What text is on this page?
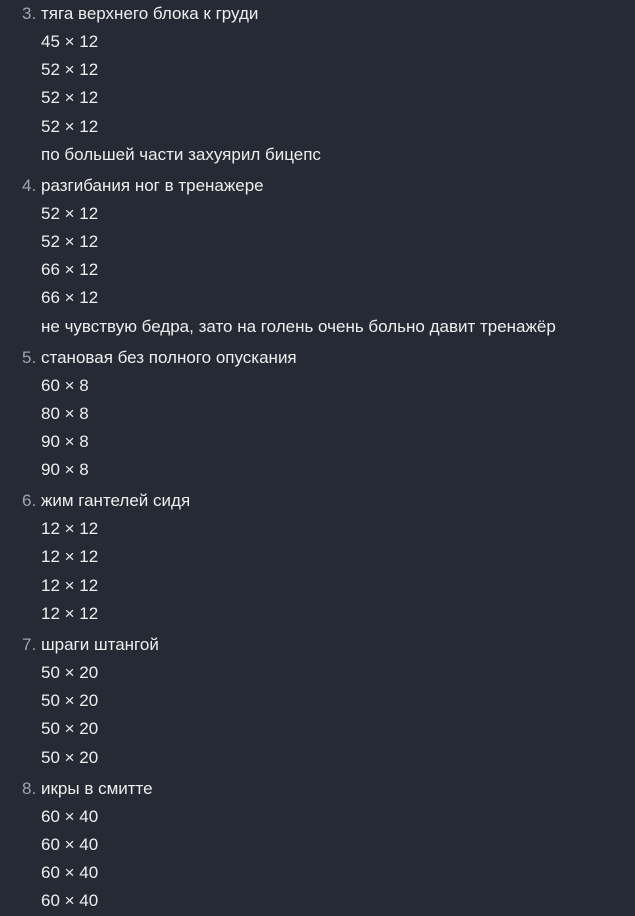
3. тяга верхнего блока к груди
45 × 12
52 × 12
52 × 12
52 × 12
по большей части захуярил бицепс
4. разгибания ног в тренажере
52 × 12
52 × 12
66 × 12
66 × 12
не чувствую бедра, зато на голень очень больно давит тренажёр
5. становая без полного опускания
60 × 8
80 × 8
90 × 8
90 × 8
6. жим гантелей сидя
12 × 12
12 × 12
12 × 12
12 × 12
7. шраги штангой
50 × 20
50 × 20
50 × 20
50 × 20
8. икры в смитте
60 × 40
60 × 40
60 × 40
60 × 40
